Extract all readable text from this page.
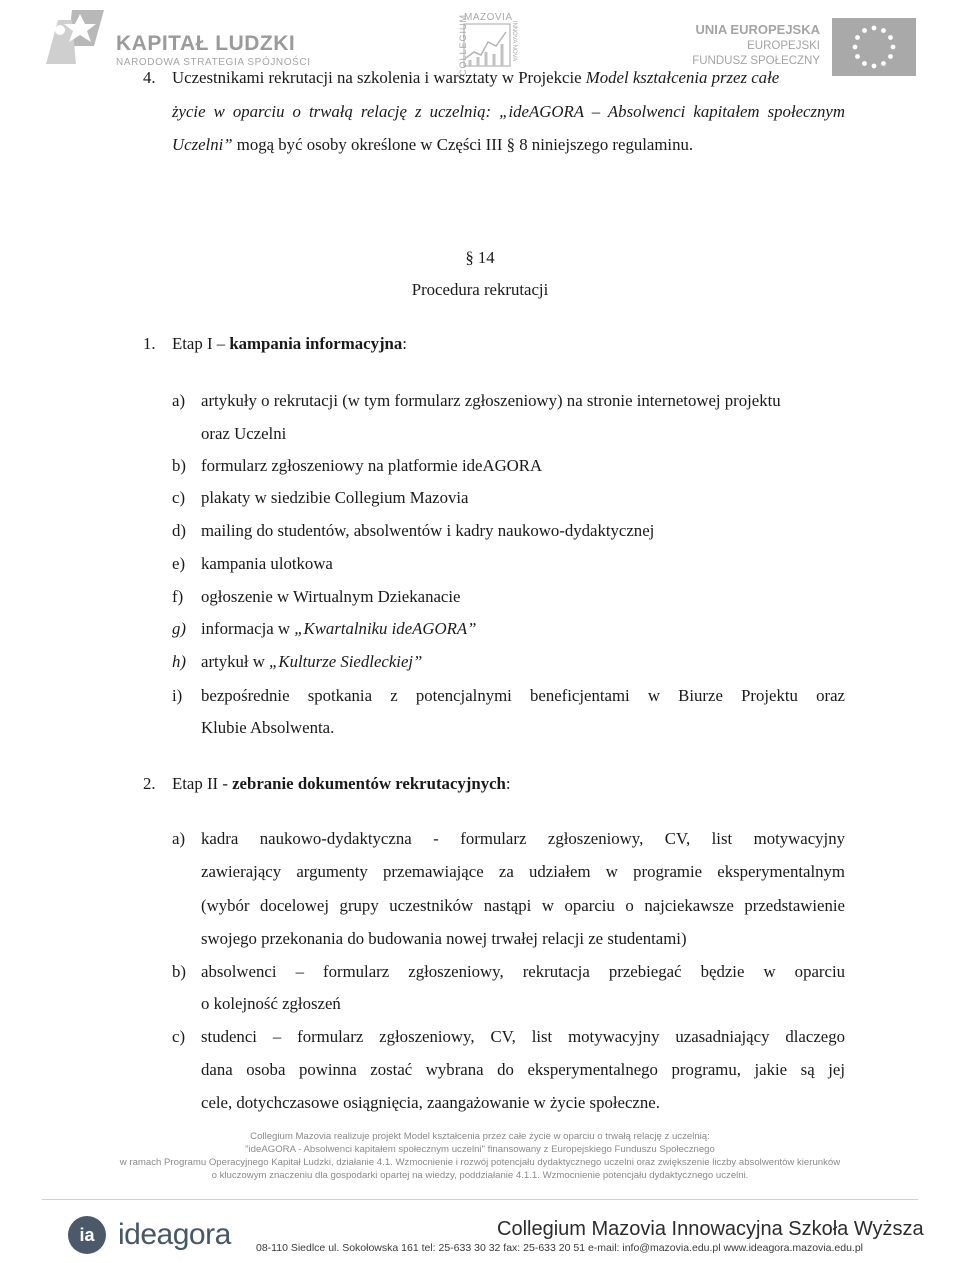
KAPITAŁ LUDZKI
NARODOWA STRATEGIA SPÓJNOŚCI	COLLEGIUM
MAZOVIA
INNOVA NOVA	UNIA EUROPEJSKA
EUROPEJSKI
FUNDUSZ SPOŁECZNY
4. Uczestnikami rekrutacji na szkolenia i warsztaty w Projekcie Model kształcenia przez całe
życie w oparciu o trwałą relację z uczelnią: „ideAGORA – Absolwenci kapitałem społecznym
Uczelni” mogą być osoby określone w Części III § 8 niniejszego regulaminu.
§ 14
Procedura rekrutacji
1. Etap I – kampania informacyjna:
a) artykuły o rekrutacji (w tym formularz zgłoszeniowy) na stronie internetowej projektu
oraz Uczelni
b) formularz zgłoszeniowy na platformie ideAGORA
c) plakaty w siedzibie Collegium Mazovia
d) mailing do studentów, absolwentów i kadry naukowo-dydaktycznej
e) kampania ulotkowa
f) ogłoszenie w Wirtualnym Dziekanacie
g) informacja w „Kwartalniku ideAGORA”
h) artykuł w „Kulturze Siedleckiej”
i) bezpośrednie spotkania z potencjalnymi beneficjentami w Biurze Projektu oraz
Klubie Absolwenta.
2. Etap II - zebranie dokumentów rekrutacyjnych:
a) kadra naukowo-dydaktyczna - formularz zgłoszeniowy, CV, list motywacyjny
zawierający argumenty przemawiające za udziałem w programie eksperymentalnym
(wybór docelowej grupy uczestników nastąpi w oparciu o najciekawsze przedstawienie
swojego przekonania do budowania nowej trwałej relacji ze studentami)
b) absolwenci – formularz zgłoszeniowy, rekrutacja przebiegać będzie w oparciu
o kolejność zgłoszeń
c) studenci – formularz zgłoszeniowy, CV, list motywacyjny uzasadniający dlaczego
dana osoba powinna zostać wybrana do eksperymentalnego programu, jakie są jej
cele, dotychczasowe osiągnięcia, zaangażowanie w życie społeczne.
Collegium Mazovia realizuje projekt Model kształcenia przez całe życie w oparciu o trwałą relację z uczelnią:
"ideAGORA - Absolwenci kapitałem społecznym uczelni" finansowany z Europejskiego Funduszu Społecznego
w ramach Programu Operacyjnego Kapitał Ludzki, działanie 4.1. Wzmocnienie i rozwój potencjału dydaktycznego uczelni oraz zwiększenie liczby absolwentów kierunków
o kluczowym znaczeniu dla gospodarki opartej na wiedzy, poddziałanie 4.1.1. Wzmocnienie potencjału dydaktycznego uczelni.
ia ideagora	Collegium Mazovia Innowacyjna Szkoła Wyższa
08-110 Siedlce ul. Sokołowska 161 tel: 25-633 30 32 fax: 25-633 20 51 e-mail: info@mazovia.edu.pl www.ideagora.mazovia.edu.pl
